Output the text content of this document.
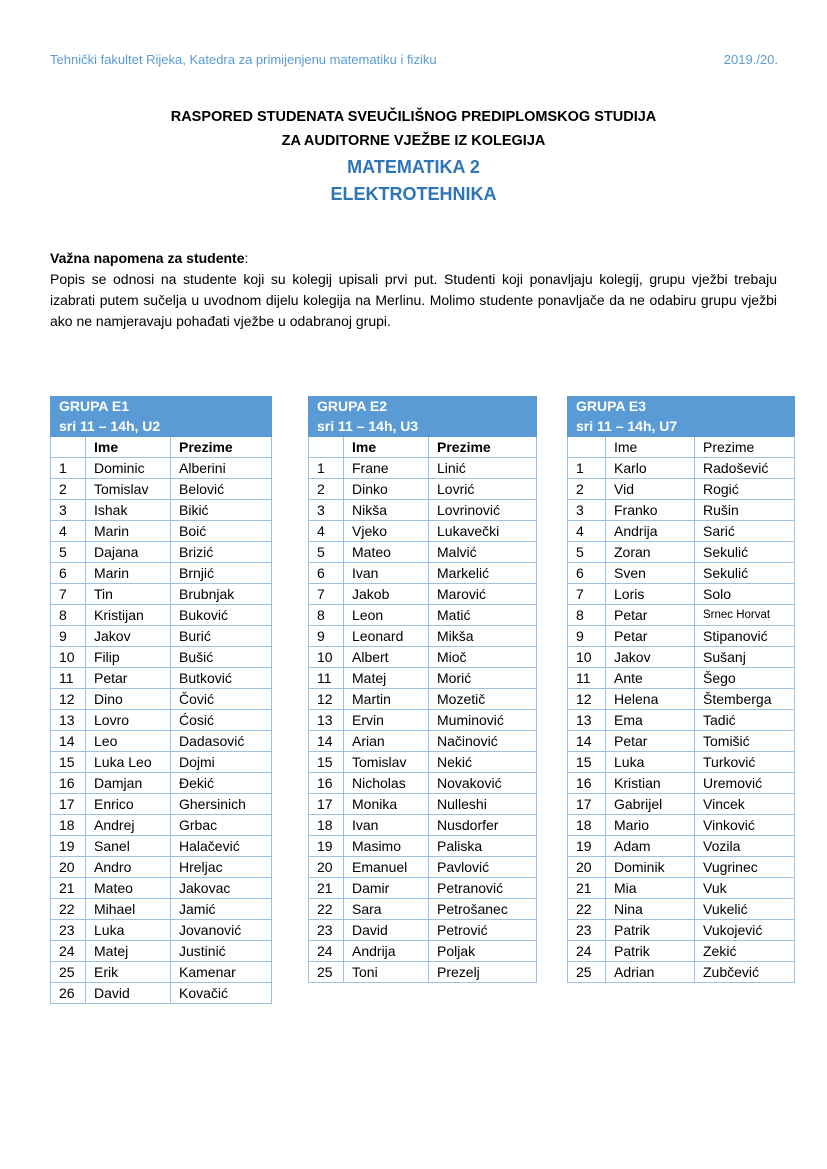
Tehnički fakultet Rijeka, Katedra za primijenjenu matematiku i fiziku	2019./20.
RASPORED STUDENATA SVEUČILIŠNOG PREDIPLOMSKOG STUDIJA
ZA AUDITORNE VJEŽBE IZ KOLEGIJA
MATEMATIKA 2
ELEKTROTEHNIKA
Važna napomena za studente:
Popis se odnosi na studente koji su kolegij upisali prvi put. Studenti koji ponavljaju kolegij, grupu vježbi trebaju izabrati putem sučelja u uvodnom dijelu kolegija na Merlinu. Molimo studente ponavljače da ne odabiru grupu vježbi ako ne namjeravaju pohađati vježbe u odabranoj grupi.
GRUPA E1		
sri 11 – 14h, U2		
	Ime	Prezime
1	Dominic	Alberini
2	Tomislav	Belović
3	Ishak	Bikić
4	Marin	Boić
5	Dajana	Brizić
6	Marin	Brnjić
7	Tin	Brubnjak
8	Kristijan	Buković
9	Jakov	Burić
10	Filip	Bušić
11	Petar	Butković
12	Dino	Čović
13	Lovro	Ćosić
14	Leo	Dadasović
15	Luka Leo	Dojmi
16	Damjan	Đekić
17	Enrico	Ghersinich
18	Andrej	Grbac
19	Sanel	Halačević
20	Andro	Hreljac
21	Mateo	Jakovac
22	Mihael	Jamić
23	Luka	Jovanović
24	Matej	Justinić
25	Erik	Kamenar
26	David	Kovačić
GRUPA E2		
sri 11 – 14h, U3		
	Ime	Prezime
1	Frane	Linić
2	Dinko	Lovrić
3	Nikša	Lovrinović
4	Vjeko	Lukavečki
5	Mateo	Malvić
6	Ivan	Markelić
7	Jakob	Marović
8	Leon	Matić
9	Leonard	Mikša
10	Albert	Mioč
11	Matej	Morić
12	Martin	Mozetič
13	Ervin	Muminović
14	Arian	Načinović
15	Tomislav	Nekić
16	Nicholas	Novaković
17	Monika	Nulleshi
18	Ivan	Nusdorfer
19	Masimo	Paliska
20	Emanuel	Pavlović
21	Damir	Petranović
22	Sara	Petrošanec
23	David	Petrović
24	Andrija	Poljak
25	Toni	Prezelj
GRUPA E3		
sri 11 – 14h, U7		
	Ime	Prezime
1	Karlo	Radošević
2	Vid	Rogić
3	Franko	Rušin
4	Andrija	Sarić
5	Zoran	Sekulić
6	Sven	Sekulić
7	Loris	Solo
8	Petar	Srnec Horvat
9	Petar	Stipanović
10	Jakov	Sušanj
11	Ante	Šego
12	Helena	Štemberga
13	Ema	Tadić
14	Petar	Tomišić
15	Luka	Turković
16	Kristian	Uremović
17	Gabrijel	Vincek
18	Mario	Vinković
19	Adam	Vozila
20	Dominik	Vugrinec
21	Mia	Vuk
22	Nina	Vukelić
23	Patrik	Vukojević
24	Patrik	Zekić
25	Adrian	Zubčević
